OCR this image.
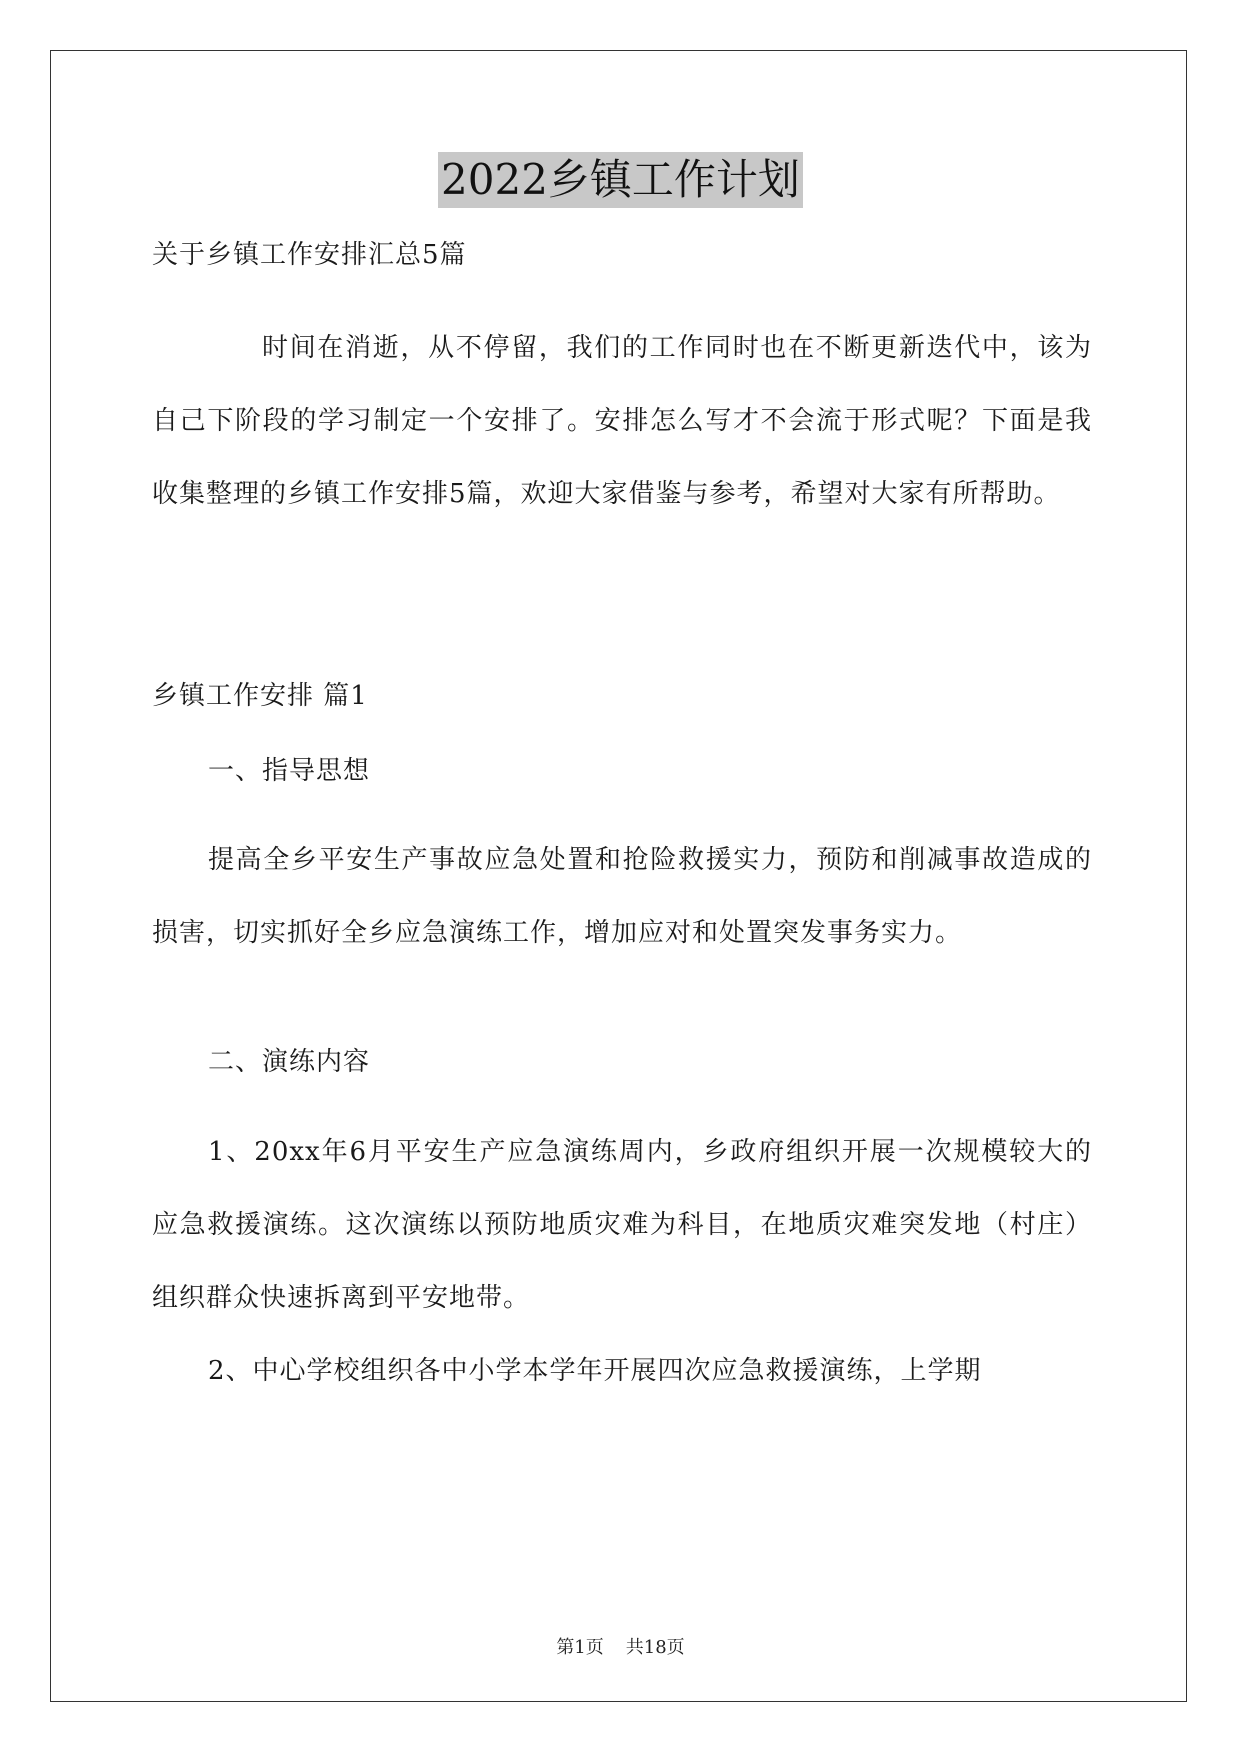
2022乡镇工作计划

关于乡镇工作安排汇总5篇

时间在消逝，从不停留，我们的工作同时也在不断更新迭代中，该为自己下阶段的学习制定一个安排了。安排怎么写才不会流于形式呢？下面是我收集整理的乡镇工作安排5篇，欢迎大家借鉴与参考，希望对大家有所帮助。

乡镇工作安排 篇1

一、指导思想

提高全乡平安生产事故应急处置和抢险救援实力，预防和削减事故造成的损害，切实抓好全乡应急演练工作，增加应对和处置突发事务实力。

二、演练内容

1、20xx年6月平安生产应急演练周内，乡政府组织开展一次规模较大的应急救援演练。这次演练以预防地质灾难为科目，在地质灾难突发地（村庄）组织群众快速拆离到平安地带。

2、中心学校组织各中小学本学年开展四次应急救援演练，上学期

第1页 共18页
